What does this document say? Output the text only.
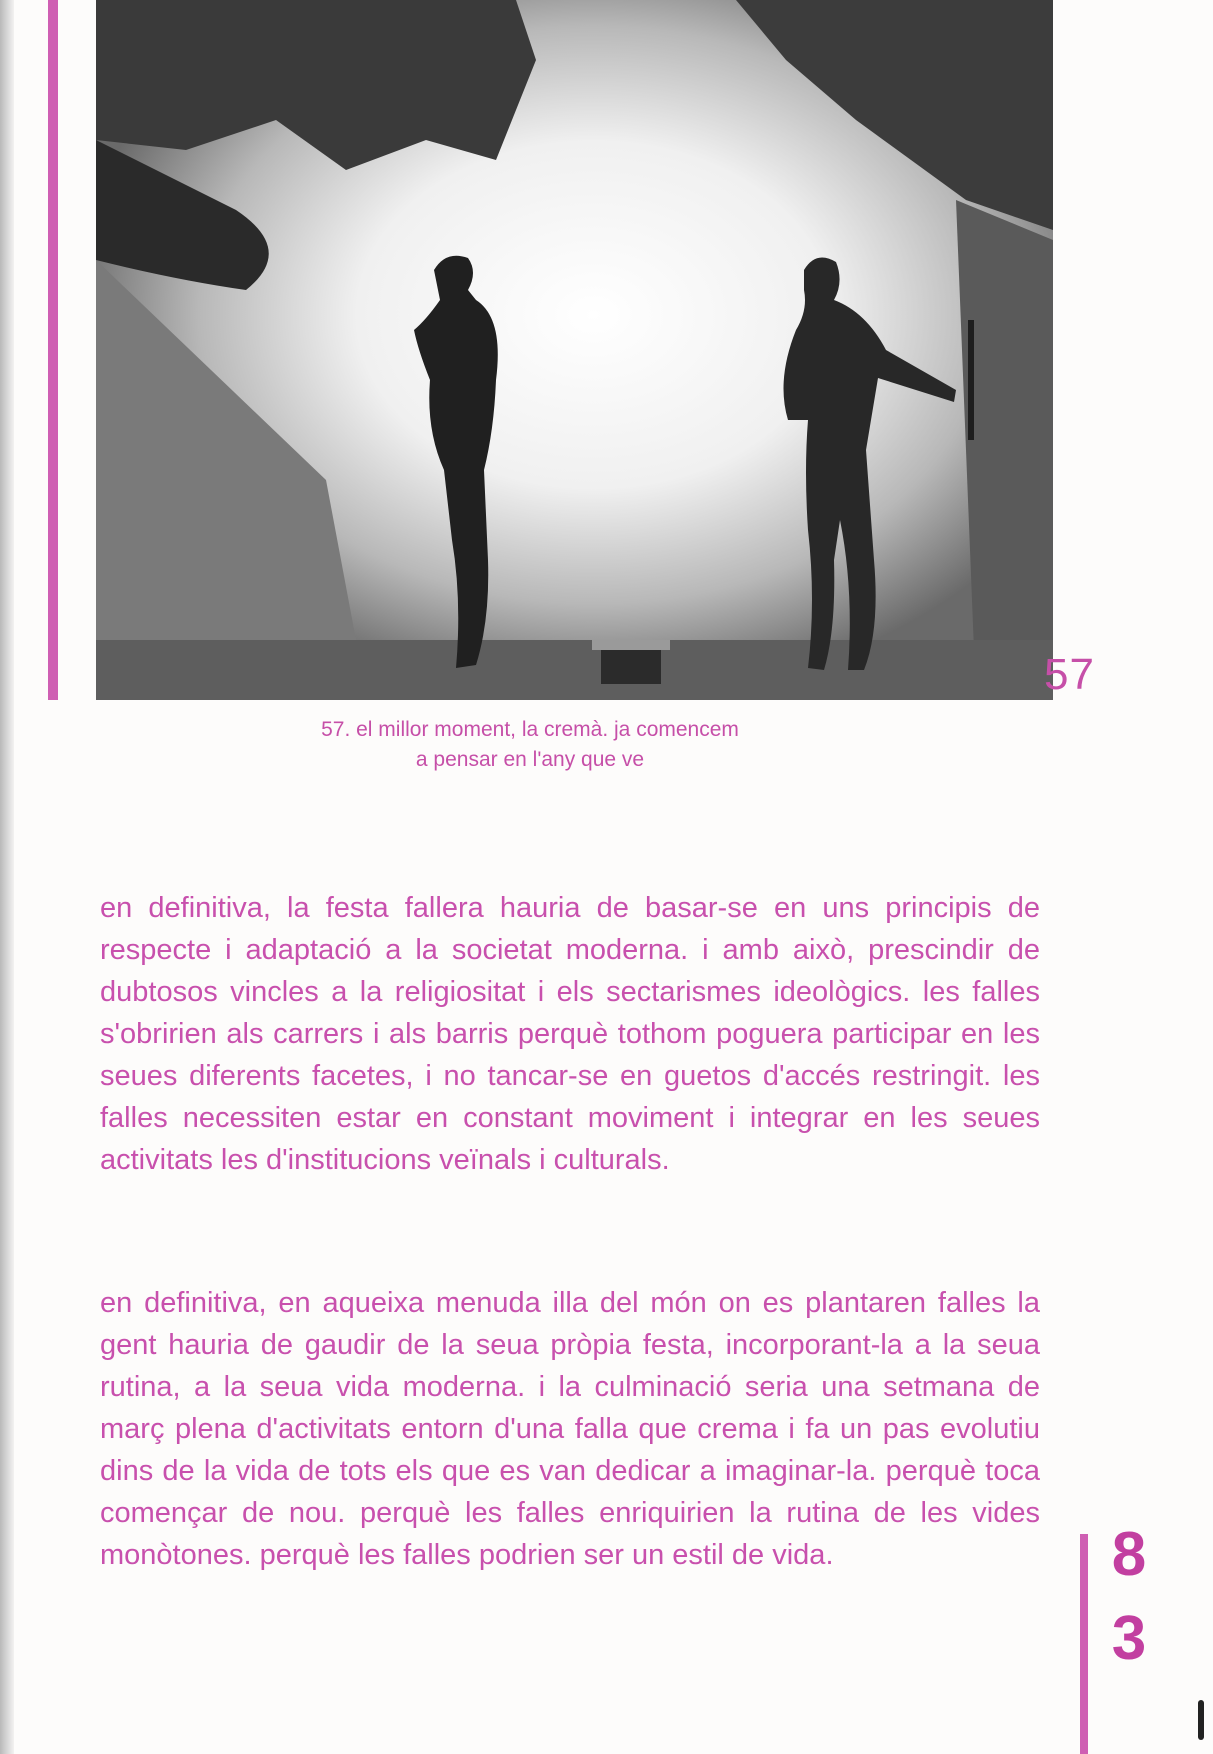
57
57. el millor moment, la cremà. ja comencem
a pensar en l'any que ve

en definitiva, la festa fallera hauria de basar-se en uns principis de respecte i adaptació a la societat moderna. i amb això, prescindir de dubtosos vincles a la religiositat i els sectarismes ideològics. les falles s'obririen als carrers i als barris perquè tothom poguera participar en les seues diferents facetes, i no tancar-se en guetos d'accés restringit. les falles necessiten estar en constant moviment i integrar en les seues activitats les d'institucions veïnals i culturals.

en definitiva, en aqueixa menuda illa del món on es plantaren falles la gent hauria de gaudir de la seua pròpia festa, incorporant-la a la seua rutina, a la seua vida moderna. i la culminació seria una setmana de març plena d'activitats entorn d'una falla que crema i fa un pas evolutiu dins de la vida de tots els que es van dedicar a imaginar-la. perquè toca començar de nou. perquè les falles enriquirien la rutina de les vides monòtones. perquè les falles podrien ser un estil de vida.	8
3
